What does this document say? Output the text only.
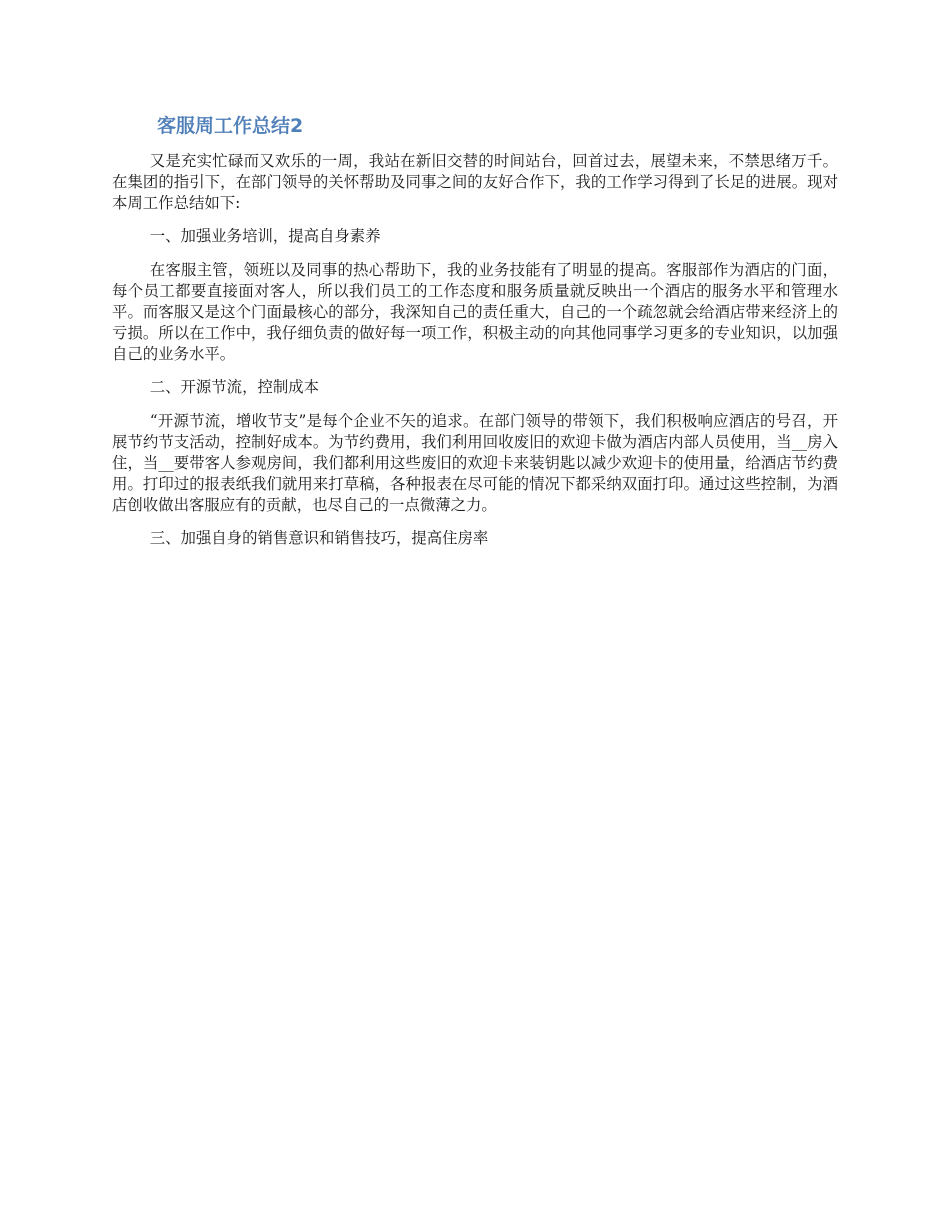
客服周工作总结2

又是充实忙碌而又欢乐的一周，我站在新旧交替的时间站台，回首过去，展望未来，不禁思绪万千。在集团的指引下，在部门领导的关怀帮助及同事之间的友好合作下，我的工作学习得到了长足的进展。现对本周工作总结如下:

一、加强业务培训，提高自身素养

在客服主管，领班以及同事的热心帮助下，我的业务技能有了明显的提高。客服部作为酒店的门面，每个员工都要直接面对客人，所以我们员工的工作态度和服务质量就反映出一个酒店的服务水平和管理水平。而客服又是这个门面最核心的部分，我深知自己的责任重大，自己的一个疏忽就会给酒店带来经济上的亏损。所以在工作中，我仔细负责的做好每一项工作，积极主动的向其他同事学习更多的专业知识，以加强自己的业务水平。

二、开源节流，控制成本

“开源节流，增收节支”是每个企业不矢的追求。在部门领导的带领下，我们积极响应酒店的号召，开展节约节支活动，控制好成本。为节约费用，我们利用回收废旧的欢迎卡做为酒店内部人员使用，当__房入住，当__要带客人参观房间，我们都利用这些废旧的欢迎卡来装钥匙以减少欢迎卡的使用量，给酒店节约费用。打印过的报表纸我们就用来打草稿，各种报表在尽可能的情况下都采纳双面打印。通过这些控制，为酒店创收做出客服应有的贡献，也尽自己的一点微薄之力。

三、加强自身的销售意识和销售技巧，提高住房率
